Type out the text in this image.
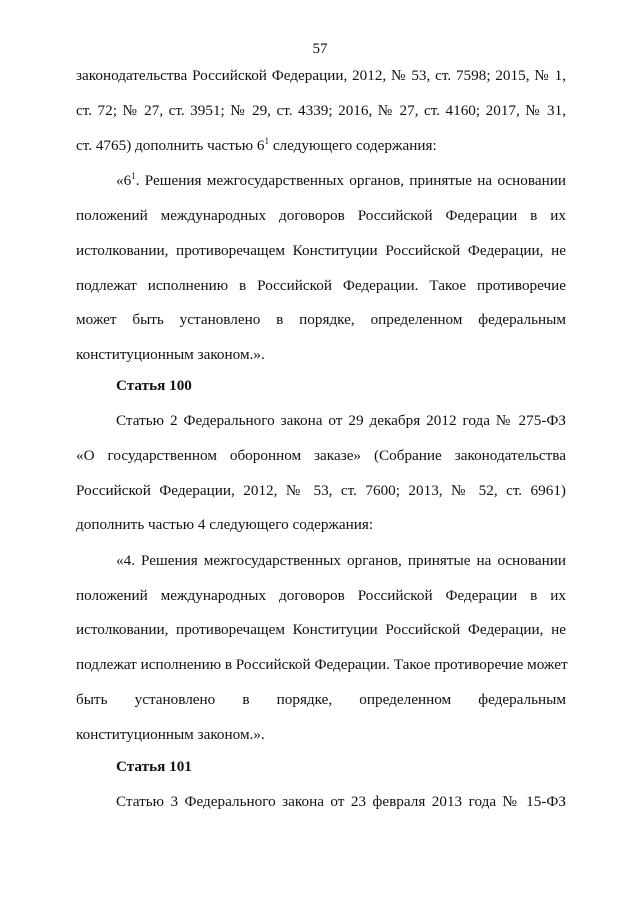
57
законодательства Российской Федерации, 2012, № 53, ст. 7598; 2015, № 1,
ст. 72; № 27, ст. 3951; № 29, ст. 4339; 2016, № 27, ст. 4160; 2017, № 31,
ст. 4765) дополнить частью $6^1$ следующего содержания:
«$6^1$. Решения межгосударственных органов, принятые на основании
положений международных договоров Российской Федерации в их
истолковании, противоречащем Конституции Российской Федерации, не
подлежат исполнению в Российской Федерации. Такое противоречие
может быть установлено в порядке, определенном федеральным
конституционным законом.».
Статья 100
Статью 2 Федерального закона от 29 декабря 2012 года № 275-ФЗ
«О государственном оборонном заказе» (Собрание законодательства
Российской Федерации, 2012, № 53, ст. 7600; 2013, № 52, ст. 6961)
дополнить частью 4 следующего содержания:
«4. Решения межгосударственных органов, принятые на основании
положений международных договоров Российской Федерации в их
истолковании, противоречащем Конституции Российской Федерации, не
подлежат исполнению в Российской Федерации. Такое противоречие может
быть установлено в порядке, определенном федеральным
конституционным законом.».
Статья 101
Статью 3 Федерального закона от 23 февраля 2013 года № 15-ФЗ
